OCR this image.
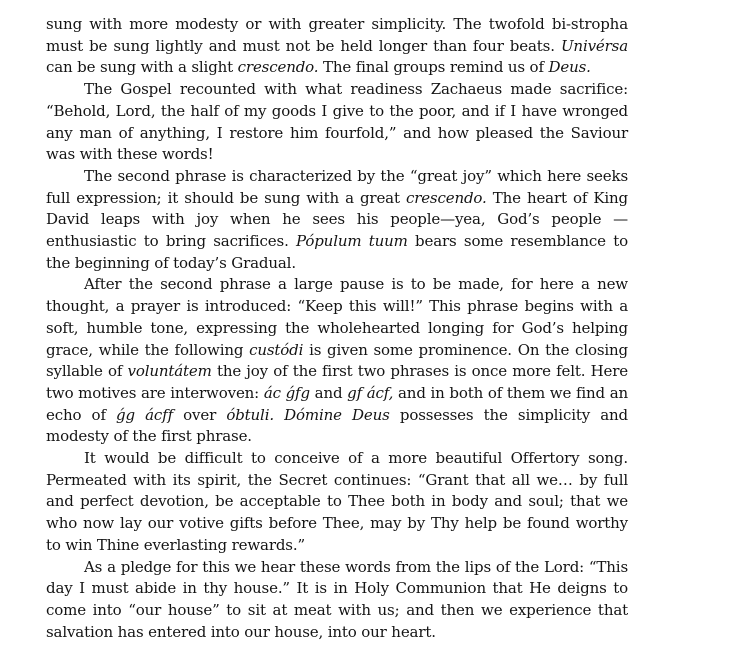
sung with more modesty or with greater simplicity. The twofold bi-stropha must be sung lightly and must not be held longer than four beats. Univérsa can be sung with a slight crescendo. The final groups remind us of Deus.

The Gospel recounted with what readiness Zachaeus made sacrifice: “Behold, Lord, the half of my goods I give to the poor, and if I have wronged any man of anything, I restore him fourfold,” and how pleased the Saviour was with these words!

The second phrase is characterized by the “great joy” which here seeks full expression; it should be sung with a great crescendo. The heart of King David leaps with joy when he sees his people—yea, God’s people —enthusiastic to bring sacrifices. Pópulum tuum bears some resemblance to the beginning of today’s Gradual.

After the second phrase a large pause is to be made, for here a new thought, a prayer is introduced: “Keep this will!” This phrase begins with a soft, humble tone, expressing the wholehearted longing for God’s helping grace, while the following custódi is given some prominence. On the closing syllable of voluntátem the joy of the first two phrases is once more felt. Here two motives are interwoven: ác ǵfg and gf ácf, and in both of them we find an echo of ǵg ácff over óbtuli. Dómine Deus possesses the simplicity and modesty of the first phrase.

It would be difficult to conceive of a more beautiful Offertory song. Permeated with its spirit, the Secret continues: “Grant that all we… by full and perfect devotion, be acceptable to Thee both in body and soul; that we who now lay our votive gifts before Thee, may by Thy help be found worthy to win Thine everlasting rewards.”

As a pledge for this we hear these words from the lips of the Lord: “This day I must abide in thy house.” It is in Holy Communion that He deigns to come into “our house” to sit at meat with us; and then we experience that salvation has entered into our house, into our heart.
